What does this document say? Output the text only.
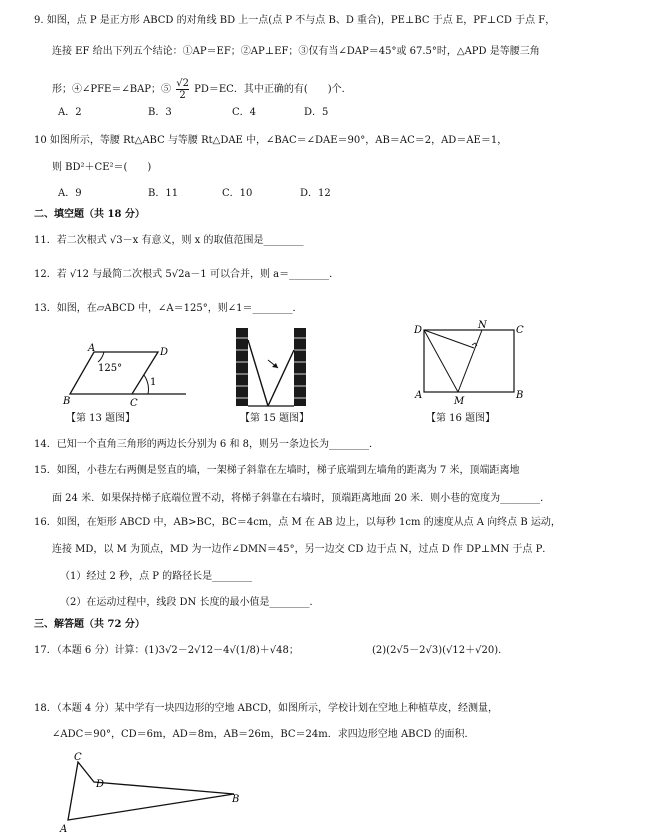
9. 如图，点 P 是正方形 ABCD 的对角线 BD 上一点(点 P 不与点 B、D 重合)，PE⊥BC 于点 E，PF⊥CD 于点 F，
连接 EF 给出下列五个结论：①AP＝EF；②AP⊥EF；③仅有当∠DAP＝45°或 67.5°时，△APD 是等腰三角
形；④∠PFE＝∠BAP；⑤ $\frac{√2}{2} PD=EC$．其中正确的有(　　)个．
A．2	B．3	C．4	D．5
10 如图所示，等腰 Rt△ABC 与等腰 Rt△DAE 中，∠BAC＝∠DAE＝90°，AB＝AC＝2，AD＝AE＝1，
则 BD²＋CE²＝(　　)
A．9	B．11	C．10	D．12
二、填空题（共 18 分）
11．若二次根式 √3－x 有意义，则 x 的取值范围是________
12．若 √12 与最简二次根式 5√2a－1 可以合并，则 a＝________．
13．如图，在▱ABCD 中，∠A＝125°，则∠1＝________．
A	D
B	C
125°
1
【第 13 题图】	【第 15 题图】
D	N	C
A
M
B
【第 16 题图】
14．已知一个直角三角形的两边长分别为 6 和 8，则另一条边长为________．
15．如图，小巷左右两侧是竖直的墙，一架梯子斜靠在左墙时，梯子底端到左墙角的距离为 7 米，顶端距离地
面 24 米．如果保持梯子底端位置不动，将梯子斜靠在右墙时，顶端距离地面 20 米．则小巷的宽度为________．
16．如图，在矩形 ABCD 中，AB>BC，BC＝4cm，点 M 在 AB 边上，以每秒 1cm 的速度从点 A 向终点 B 运动，
连接 MD，以 M 为顶点，MD 为一边作∠DMN＝45°，另一边交 CD 边于点 N，过点 D 作 DP⊥MN 于点 P．
（1）经过 2 秒，点 P 的路径长是________
（2）在运动过程中，线段 DN 长度的最小值是________．
三、解答题（共 72 分）
17．（本题 6 分）计算：(1)3√2－2√12－4√(1/8)＋√48；	(2)(2√5－2√3)(√12＋√20)．
18．（本题 4 分）某中学有一块四边形的空地 ABCD，如图所示，学校计划在空地上种植草皮，经测量，
∠ADC＝90°，CD＝6m，AD＝8m，AB＝26m，BC＝24m．求四边形空地 ABCD 的面积．
C
D
B
A
